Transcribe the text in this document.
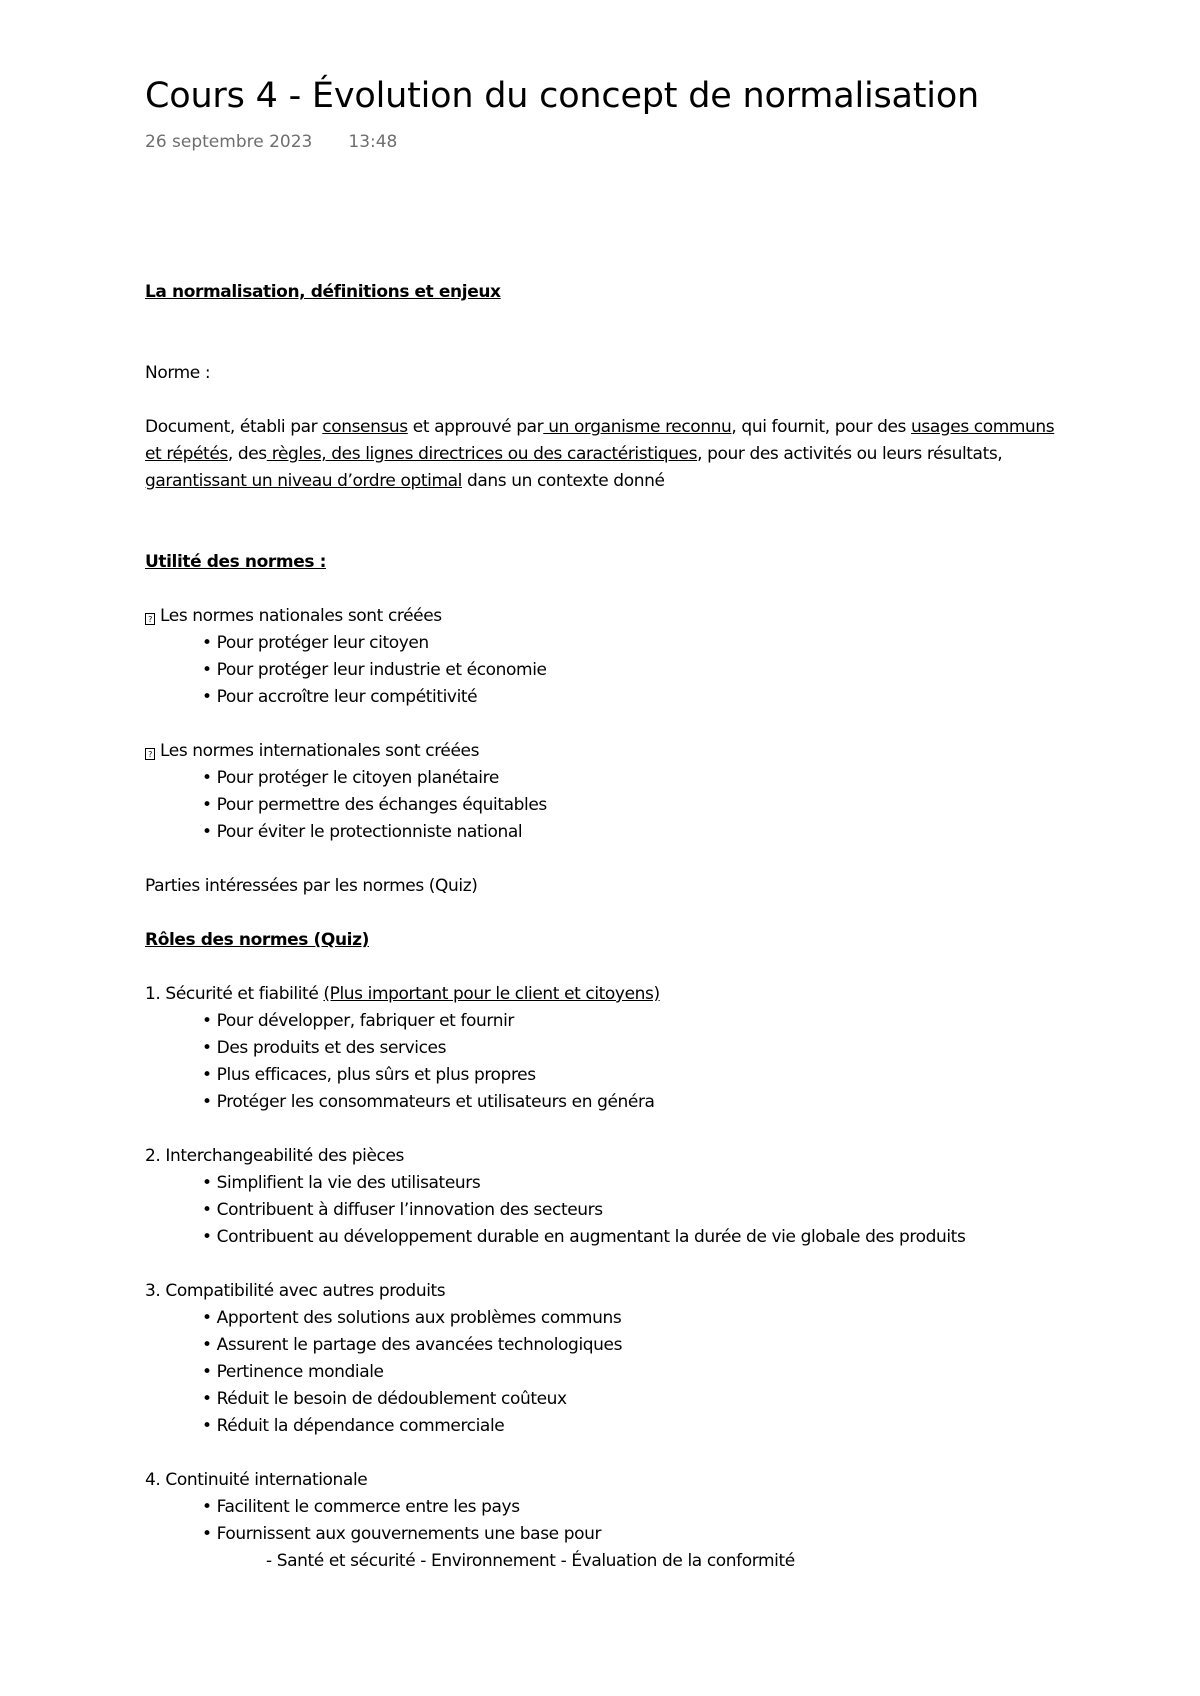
Cours 4 - Évolution du concept de normalisation
26 septembre 2023 13:48

La normalisation, définitions et enjeux

Norme :

Document, établi par consensus et approuvé par un organisme reconnu, qui fournit, pour des usages communs et répétés, des règles, des lignes directrices ou des caractéristiques, pour des activités ou leurs résultats, garantissant un niveau d’ordre optimal dans un contexte donné

Utilité des normes :

? Les normes nationales sont créées

• Pour protéger leur citoyen

• Pour protéger leur industrie et économie

• Pour accroître leur compétitivité

? Les normes internationales sont créées

• Pour protéger le citoyen planétaire

• Pour permettre des échanges équitables

• Pour éviter le protectionniste national

Parties intéressées par les normes (Quiz)

Rôles des normes (Quiz)

1. Sécurité et fiabilité (Plus important pour le client et citoyens)

• Pour développer, fabriquer et fournir

• Des produits et des services

• Plus efficaces, plus sûrs et plus propres

• Protéger les consommateurs et utilisateurs en généra

2. Interchangeabilité des pièces

• Simplifient la vie des utilisateurs

• Contribuent à diffuser l’innovation des secteurs

• Contribuent au développement durable en augmentant la durée de vie globale des produits

3. Compatibilité avec autres produits

• Apportent des solutions aux problèmes communs

• Assurent le partage des avancées technologiques

• Pertinence mondiale

• Réduit le besoin de dédoublement coûteux

• Réduit la dépendance commerciale

4. Continuité internationale

• Facilitent le commerce entre les pays

• Fournissent aux gouvernements une base pour

- Santé et sécurité - Environnement - Évaluation de la conformité
